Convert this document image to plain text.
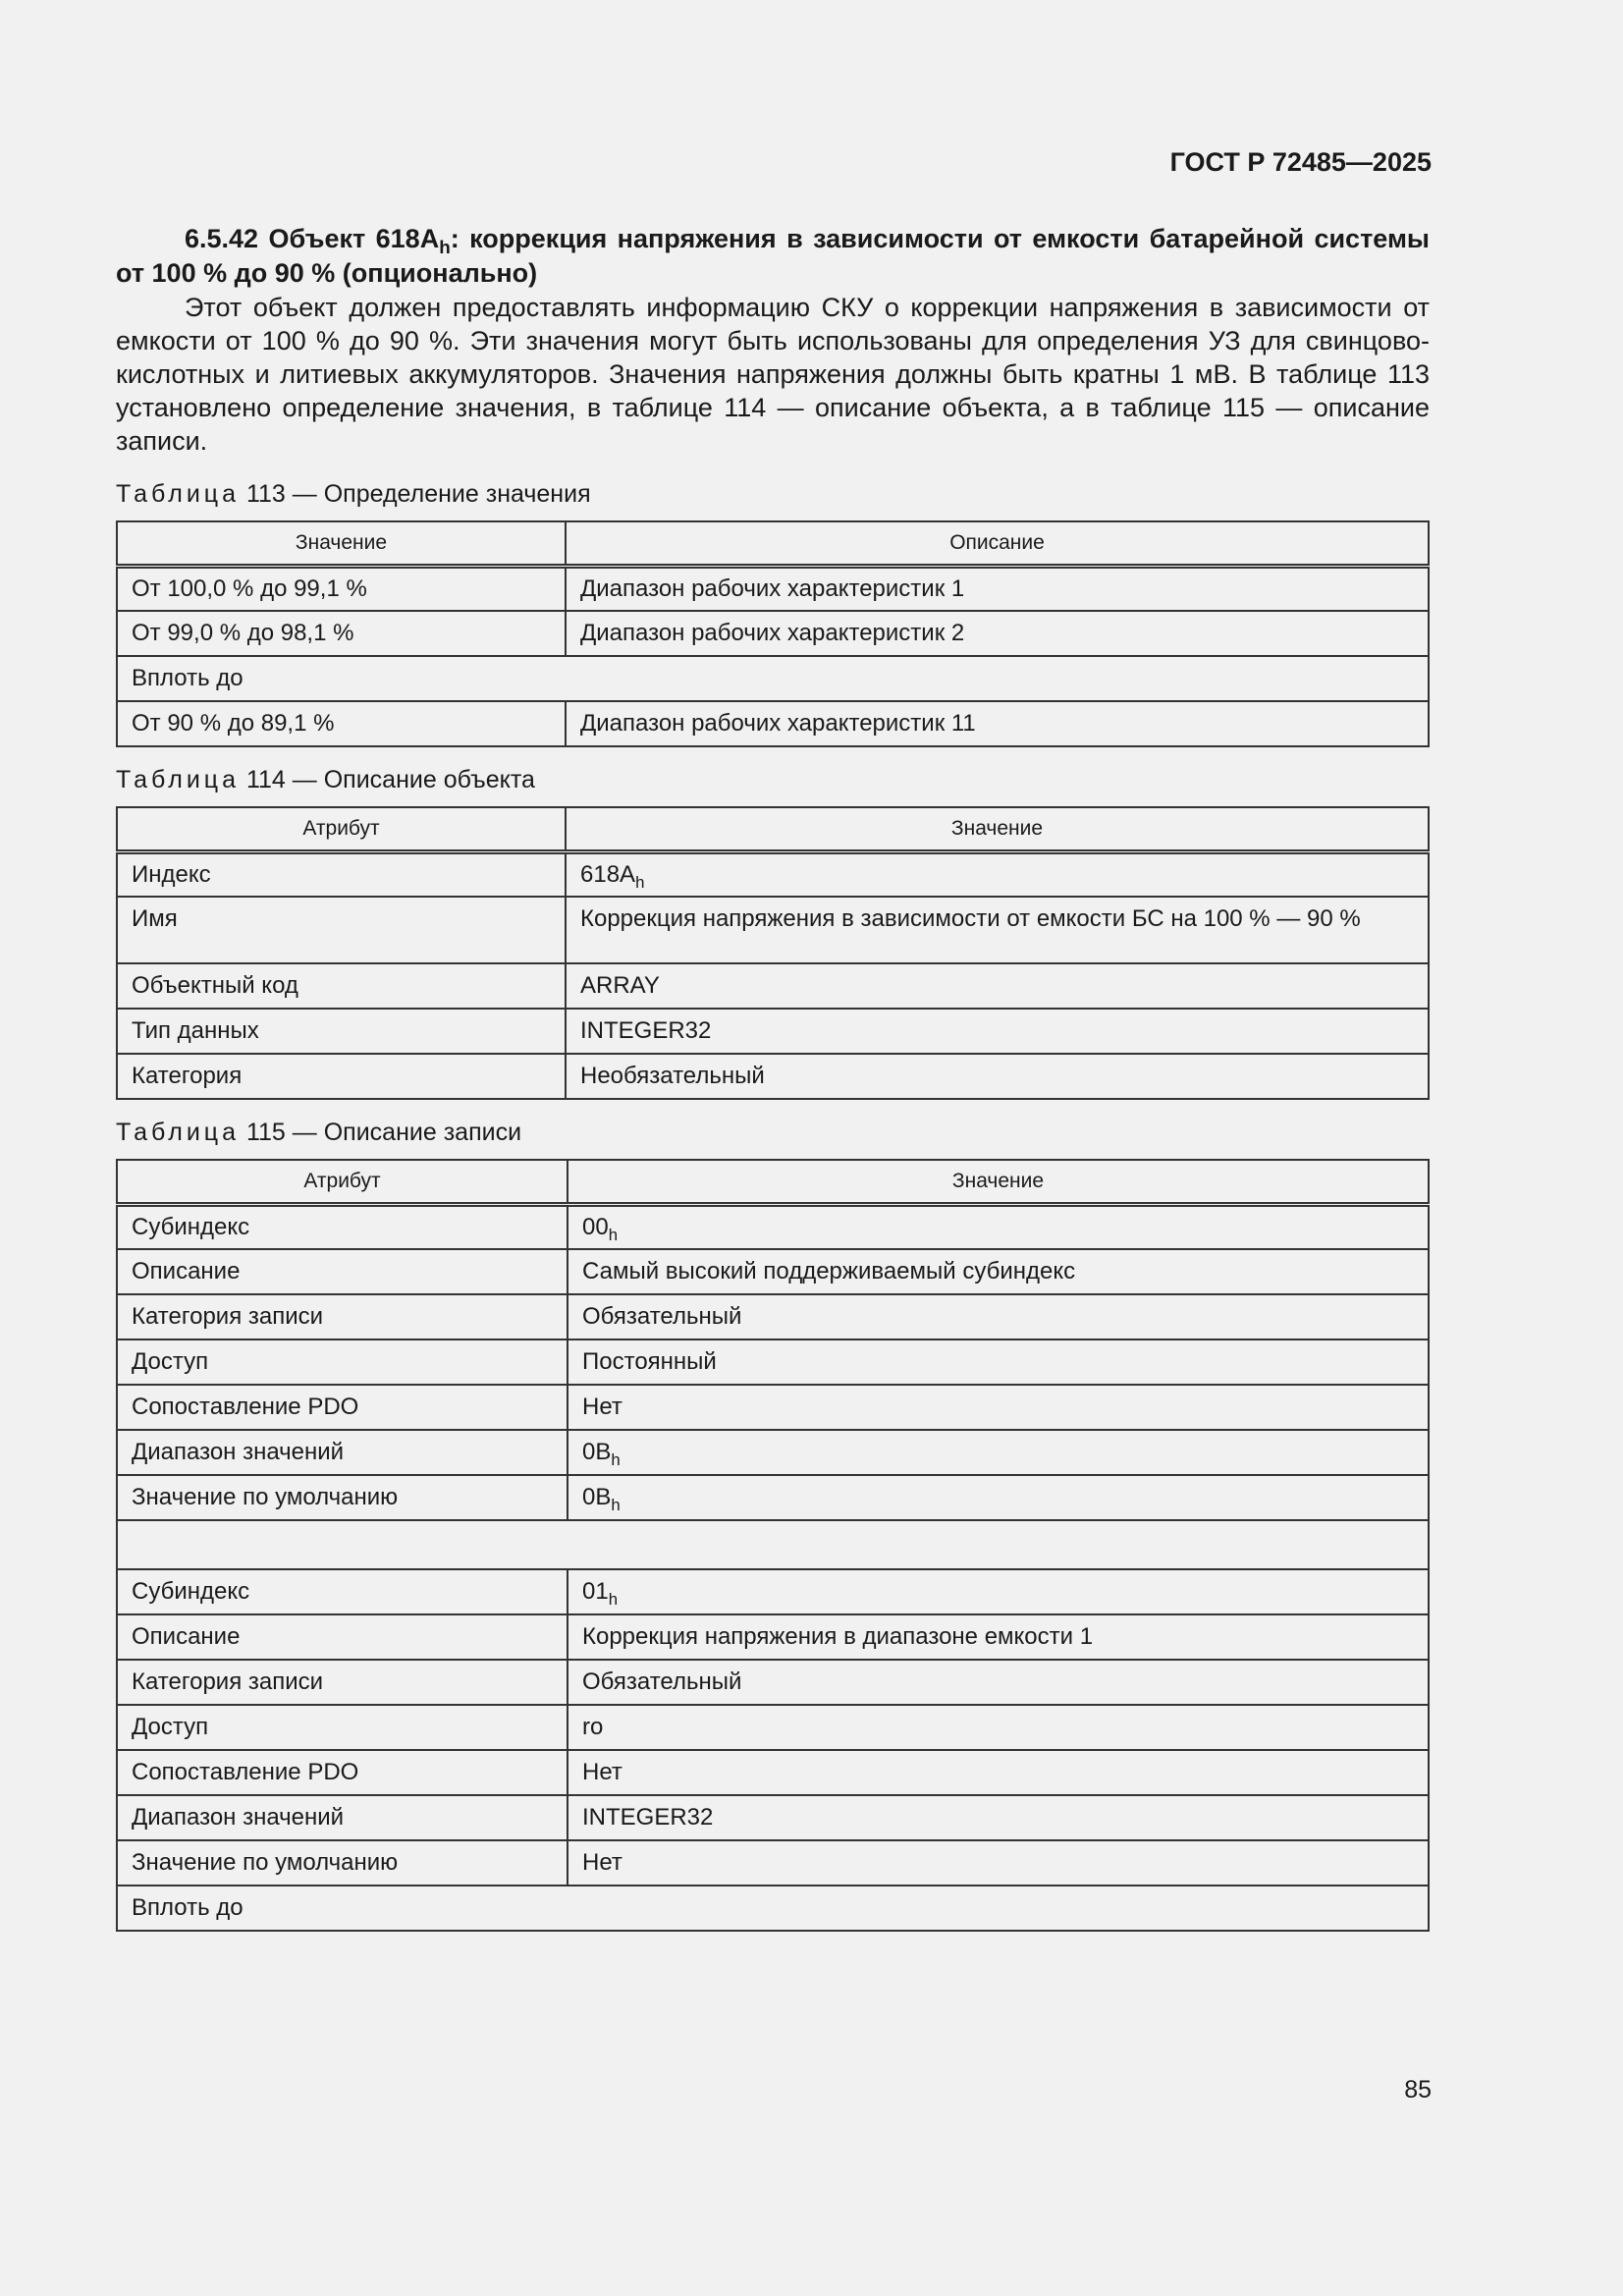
ГОСТ Р 72485—2025

6.5.42 Объект $618A_h$: коррекция напряжения в зависимости от емкости батарейной системы от 100 % до 90 % (опционально)

Этот объект должен предоставлять информацию СКУ о коррекции напряжения в зависимости от емкости от 100 % до 90 %. Эти значения могут быть использованы для определения УЗ для свинцово-кислотных и литиевых аккумуляторов. Значения напряжения должны быть кратны 1 мВ. В таблице 113 установлено определение значения, в таблице 114 — описание объекта, а в таблице 115 — описание записи.

Таблица 113 — Определение значения

Значение	Описание
От 100,0 % до 99,1 %	Диапазон рабочих характеристик 1
От 99,0 % до 98,1 %	Диапазон рабочих характеристик 2
Вплоть до	
От 90 % до 89,1 %	Диапазон рабочих характеристик 11

Таблица 114 — Описание объекта

Атрибут	Значение
Индекс	$618A_h$
Имя	Коррекция напряжения в зависимости от емкости БС на 100 % — 90 %
Объектный код	ARRAY
Тип данных	INTEGER32
Категория	Необязательный

Таблица 115 — Описание записи

Атрибут	Значение
Субиндекс	$00_h$
Описание	Самый высокий поддерживаемый субиндекс
Категория записи	Обязательный
Доступ	Постоянный
Сопоставление PDO	Нет
Диапазон значений	$0B_h$
Значение по умолчанию	$0B_h$

Субиндекс	$01_h$
Описание	Коррекция напряжения в диапазоне емкости 1
Категория записи	Обязательный
Доступ	ro
Сопоставление PDO	Нет
Диапазон значений	INTEGER32
Значение по умолчанию	Нет
Вплоть до	
85
